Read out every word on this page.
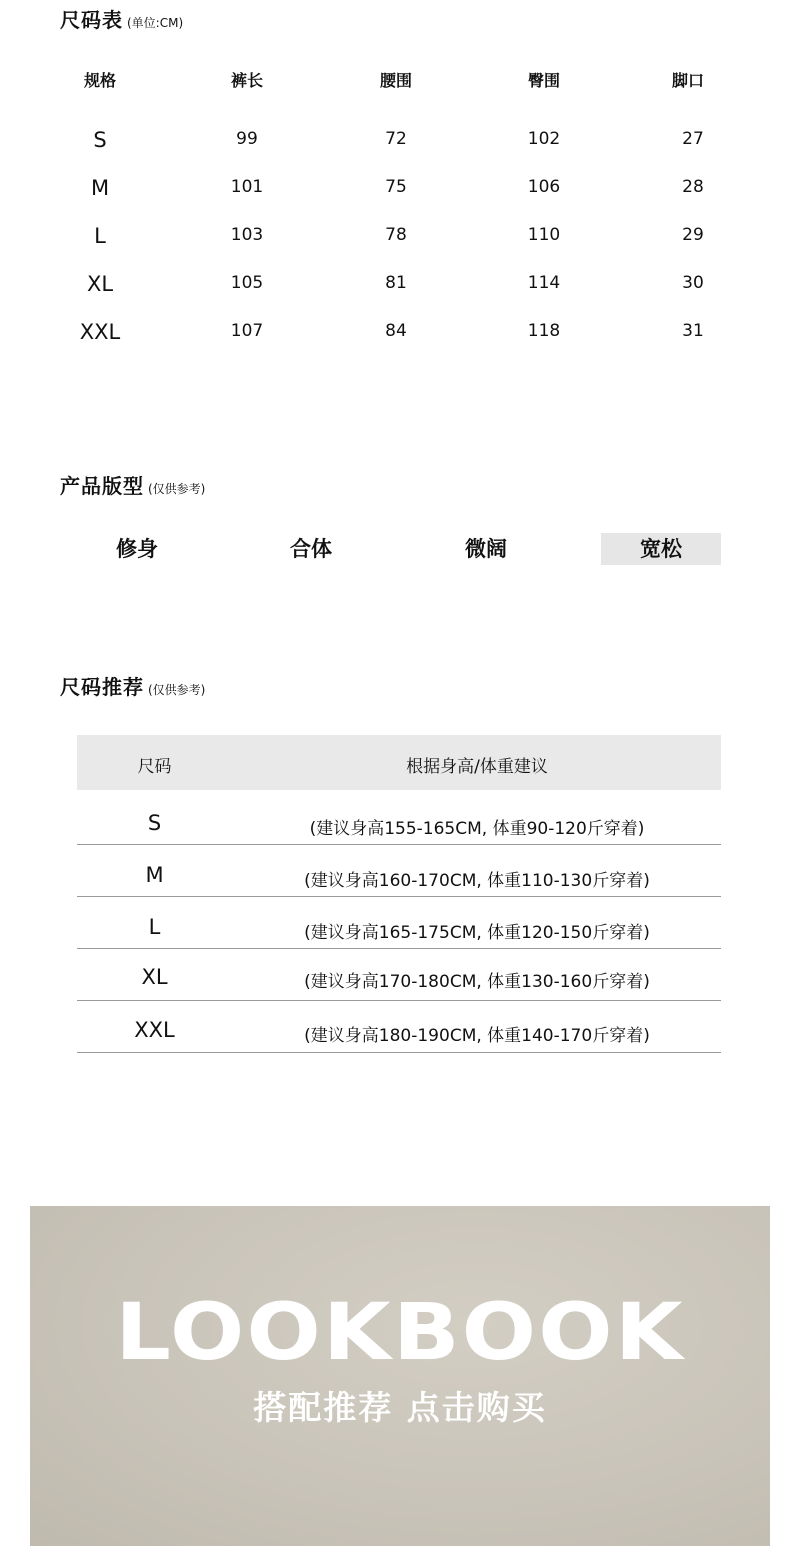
尺码表 (单位:CM)
规格	裤长	腰围	臀围	脚口
S	99	72	102	27
M	101	75	106	28
L	103	78	110	29
XL	105	81	114	30
XXL	107	84	118	31
产品版型 (仅供参考)
修身	合体	微阔	宽松
尺码推荐 (仅供参考)
尺码	根据身高/体重建议
S	(建议身高155-165CM, 体重90-120斤穿着)
M	(建议身高160-170CM, 体重110-130斤穿着)
L	(建议身高165-175CM, 体重120-150斤穿着)
XL	(建议身高170-180CM, 体重130-160斤穿着)
XXL	(建议身高180-190CM, 体重140-170斤穿着)
LOOKBOOK
搭配推荐 点击购买
